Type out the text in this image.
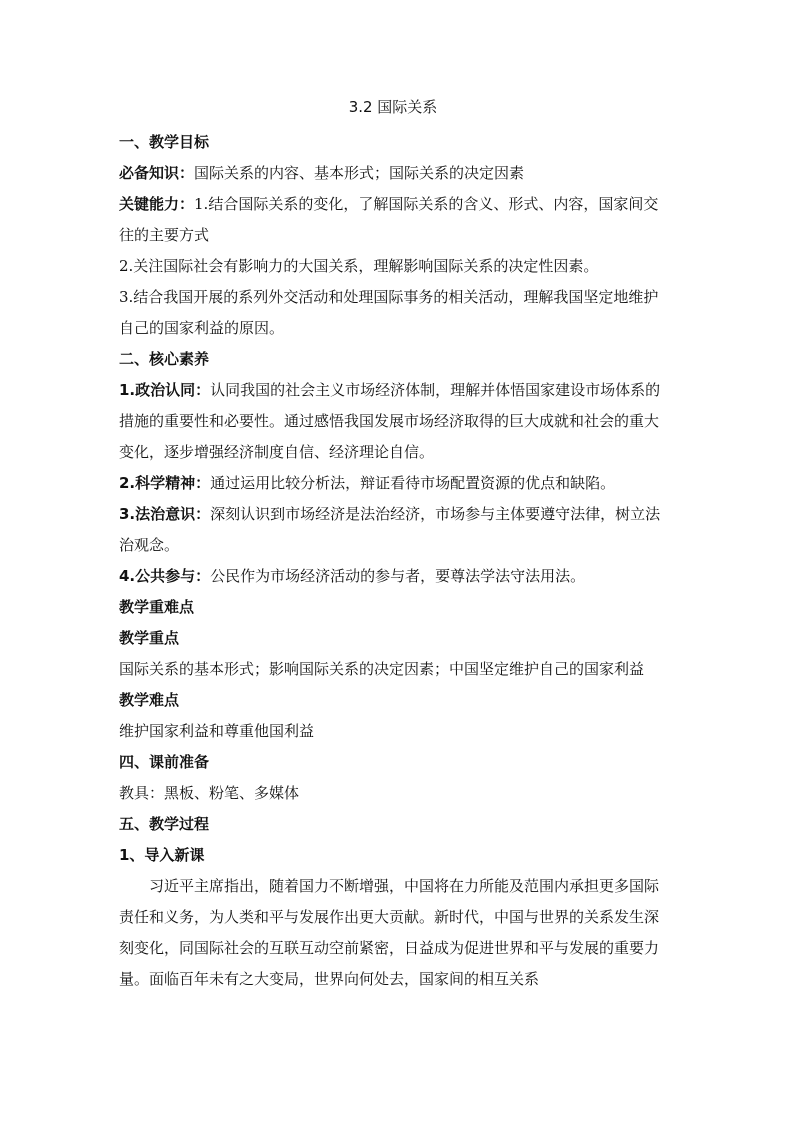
3.2 国际关系

一、教学目标

必备知识：国际关系的内容、基本形式；国际关系的决定因素

关键能力：1.结合国际关系的变化，了解国际关系的含义、形式、内容，国家间交往的主要方式

2.关注国际社会有影响力的大国关系，理解影响国际关系的决定性因素。

3.结合我国开展的系列外交活动和处理国际事务的相关活动，理解我国坚定地维护自己的国家利益的原因。

二、核心素养

1.政治认同：认同我国的社会主义市场经济体制，理解并体悟国家建设市场体系的措施的重要性和必要性。通过感悟我国发展市场经济取得的巨大成就和社会的重大变化，逐步增强经济制度自信、经济理论自信。

2.科学精神：通过运用比较分析法，辩证看待市场配置资源的优点和缺陷。

3.法治意识：深刻认识到市场经济是法治经济，市场参与主体要遵守法律，树立法治观念。

4.公共参与：公民作为市场经济活动的参与者，要尊法学法守法用法。

教学重难点

教学重点

国际关系的基本形式；影响国际关系的决定因素；中国坚定维护自己的国家利益

教学难点

维护国家利益和尊重他国利益

四、课前准备

教具：黑板、粉笔、多媒体

五、教学过程

1、导入新课

习近平主席指出，随着国力不断增强，中国将在力所能及范围内承担更多国际责任和义务，为人类和平与发展作出更大贡献。新时代，中国与世界的关系发生深刻变化，同国际社会的互联互动空前紧密，日益成为促进世界和平与发展的重要力量。面临百年未有之大变局，世界向何处去，国家间的相互关系
